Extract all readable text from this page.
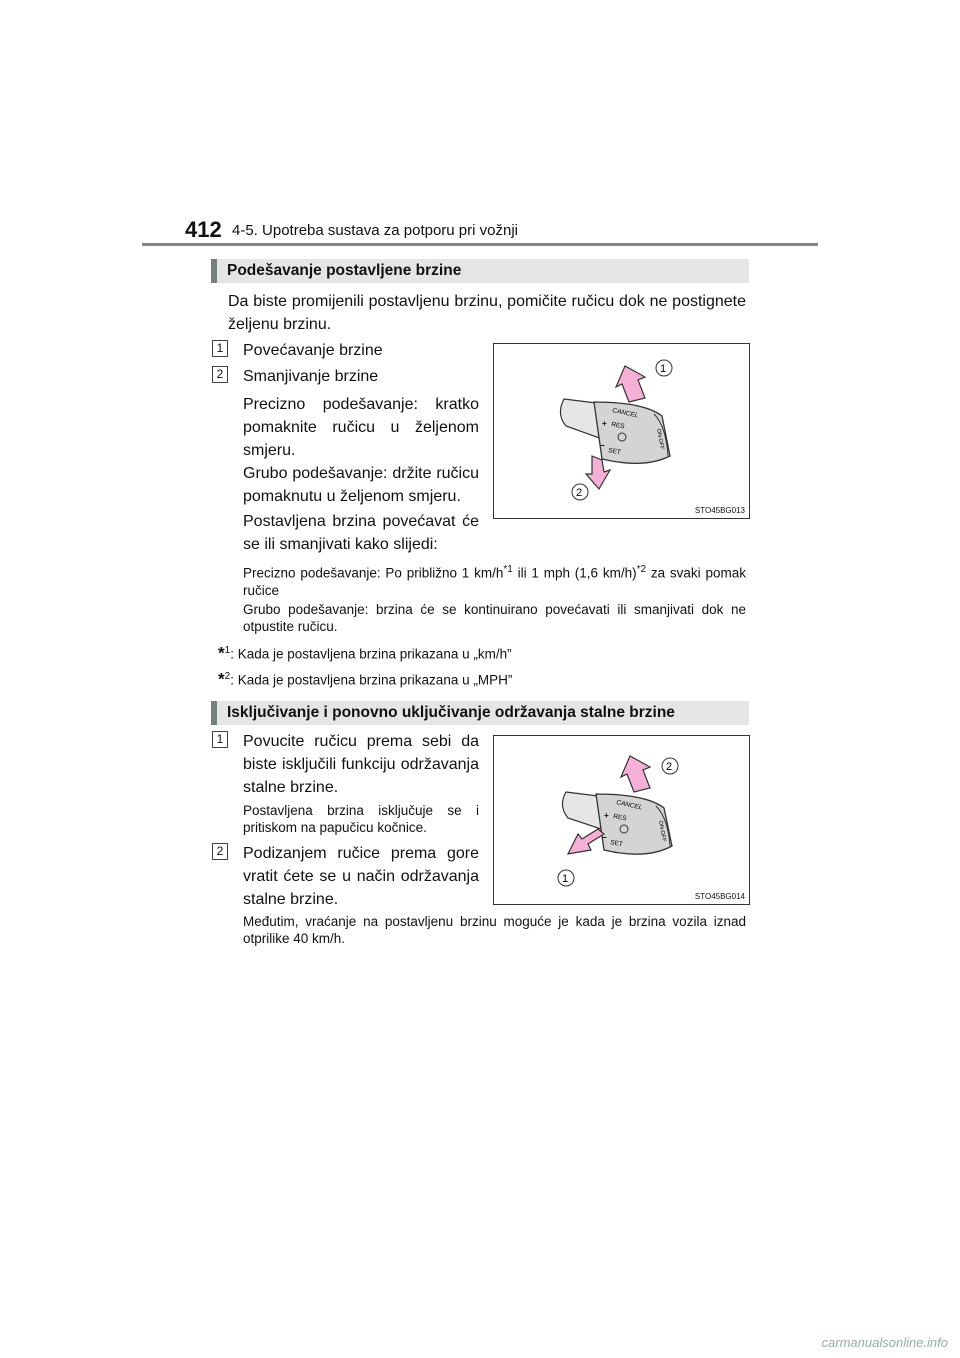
412 4-5. Upotreba sustava za potporu pri vožnji
Podešavanje postavljene brzine
Da biste promijenili postavljenu brzinu, pomičite ručicu dok ne postignete željenu brzinu.
1 Povećavanje brzine
2 Smanjivanje brzine
Precizno podešavanje: kratko pomaknite ručicu u željenom smjeru.
Grubo podešavanje: držite ručicu pomaknutu u željenom smjeru.
Postavljena brzina povećavat će se ili smanjivati kako slijedi:
CANCEL
+ RES
−
SET
ON-OFF
1
2
STO45BG013
Precizno podešavanje: Po približno 1 $km/h^{*1}$ ili 1 mph (1,6 km/h)$^{*2}$ za svaki pomak ručice
Grubo podešavanje: brzina će se kontinuirano povećavati ili smanjivati dok ne otpustite ručicu.
*$^1$: Kada je postavljena brzina prikazana u „km/h”
*$^2$: Kada je postavljena brzina prikazana u „MPH”
Isključivanje i ponovno uključivanje održavanja stalne brzine
1 Povucite ručicu prema sebi da biste isključili funkciju održavanja stalne brzine.
Postavljena brzina isključuje se i pritiskom na papučicu kočnice.
2 Podizanjem ručice prema gore vratit ćete se u način održavanja stalne brzine.
Međutim, vraćanje na postavljenu brzinu moguće je kada je brzina vozila iznad otprilike 40 km/h.
CANCEL
+ RES
−
SET
ON-OFF
2
1
STO45BG014
carmanualsonline.info
